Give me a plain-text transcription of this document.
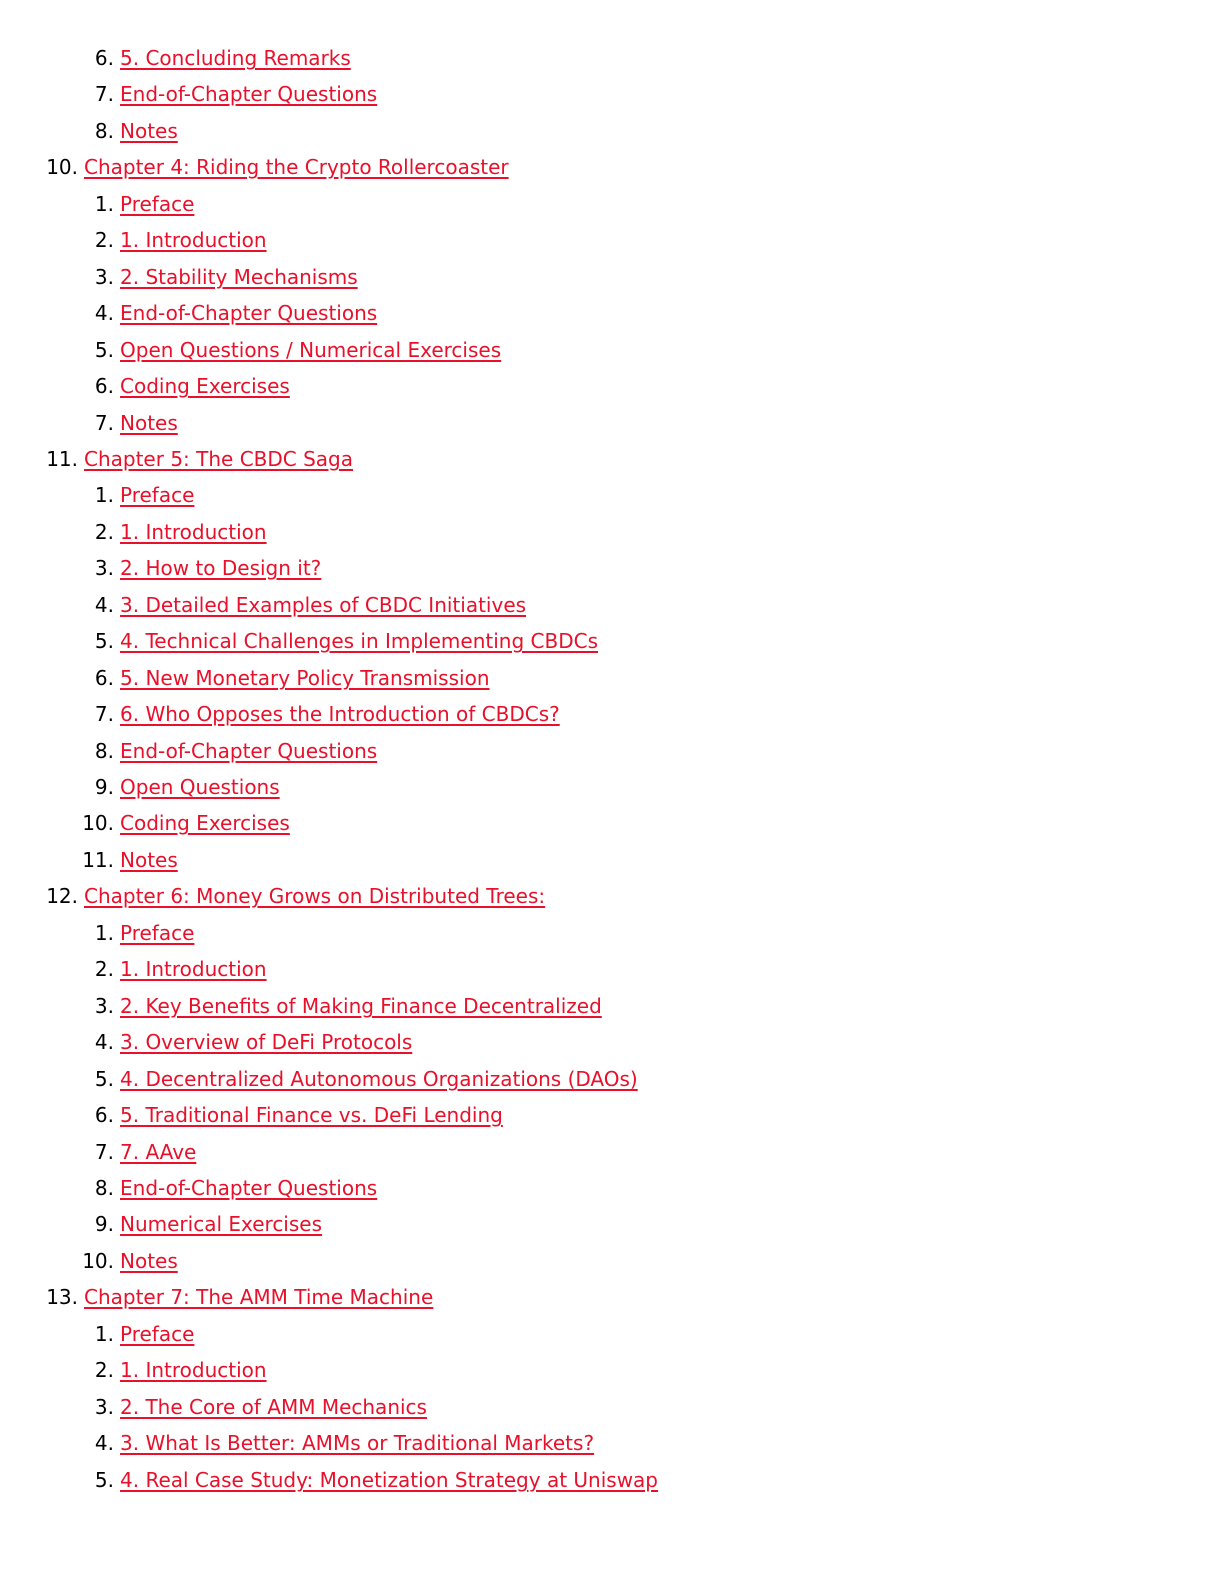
6. 5. Concluding Remarks
7. End-of-Chapter Questions
8. Notes
10. Chapter 4: Riding the Crypto Rollercoaster
1. Preface
2. 1. Introduction
3. 2. Stability Mechanisms
4. End-of-Chapter Questions
5. Open Questions / Numerical Exercises
6. Coding Exercises
7. Notes
11. Chapter 5: The CBDC Saga
1. Preface
2. 1. Introduction
3. 2. How to Design it?
4. 3. Detailed Examples of CBDC Initiatives
5. 4. Technical Challenges in Implementing CBDCs
6. 5. New Monetary Policy Transmission
7. 6. Who Opposes the Introduction of CBDCs?
8. End-of-Chapter Questions
9. Open Questions
10. Coding Exercises
11. Notes
12. Chapter 6: Money Grows on Distributed Trees:
1. Preface
2. 1. Introduction
3. 2. Key Benefits of Making Finance Decentralized
4. 3. Overview of DeFi Protocols
5. 4. Decentralized Autonomous Organizations (DAOs)
6. 5. Traditional Finance vs. DeFi Lending
7. 7. AAve
8. End-of-Chapter Questions
9. Numerical Exercises
10. Notes
13. Chapter 7: The AMM Time Machine
1. Preface
2. 1. Introduction
3. 2. The Core of AMM Mechanics
4. 3. What Is Better: AMMs or Traditional Markets?
5. 4. Real Case Study: Monetization Strategy at Uniswap
